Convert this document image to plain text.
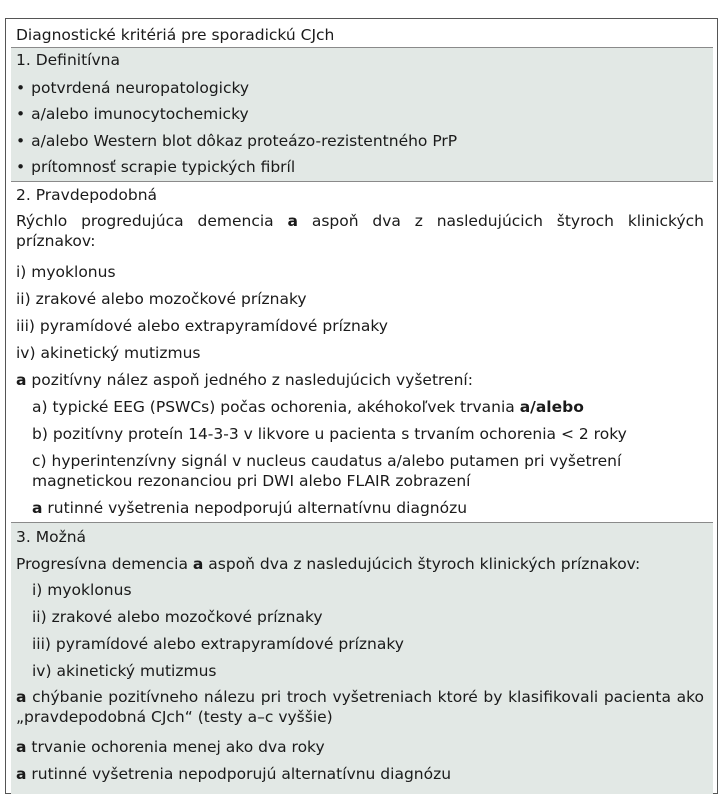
Diagnostické kritériá pre sporadickú CJch
1. Definitívna
• potvrdená neuropatologicky
• a/alebo imunocytochemicky
• a/alebo Western blot dôkaz proteázo-rezistentného PrP
• prítomnosť scrapie typických fibríl
2. Pravdepodobná
Rýchlo progredujúca demencia a aspoň dva z nasledujúcich štyroch klinických príznakov:
i) myoklonus
ii) zrakové alebo mozočkové príznaky
iii) pyramídové alebo extrapyramídové príznaky
iv) akinetický mutizmus
a pozitívny nález aspoň jedného z nasledujúcich vyšetrení:
a) typické EEG (PSWCs) počas ochorenia, akéhokoľvek trvania a/alebo
b) pozitívny proteín 14-3-3 v likvore u pacienta s trvaním ochorenia < 2 roky
c) hyperintenzívny signál v nucleus caudatus a/alebo putamen pri vyšetrení magnetickou rezonanciou pri DWI alebo FLAIR zobrazení
a rutinné vyšetrenia nepodporujú alternatívnu diagnózu
3. Možná
Progresívna demencia a aspoň dva z nasledujúcich štyroch klinických príznakov:
i) myoklonus
ii) zrakové alebo mozočkové príznaky
iii) pyramídové alebo extrapyramídové príznaky
iv) akinetický mutizmus
a chýbanie pozitívneho nálezu pri troch vyšetreniach ktoré by klasifikovali pacienta ako „pravdepodobná CJch“ (testy a–c vyššie)
a trvanie ochorenia menej ako dva roky
a rutinné vyšetrenia nepodporujú alternatívnu diagnózu
